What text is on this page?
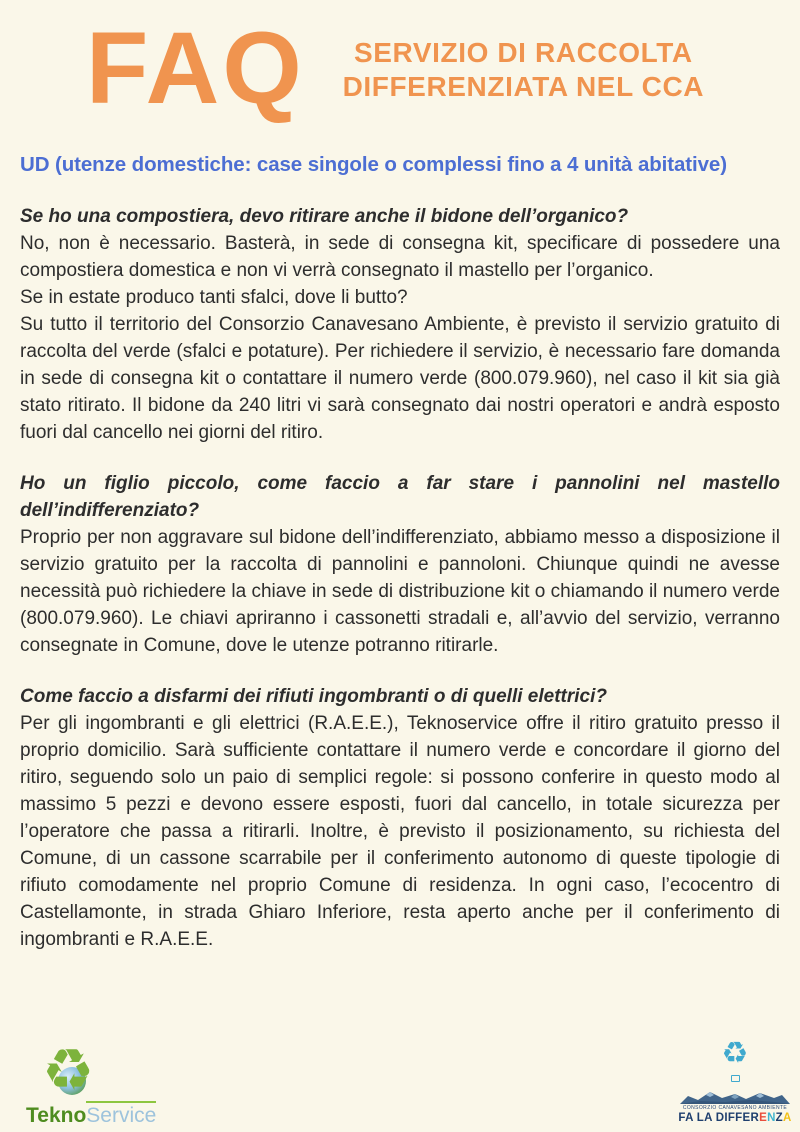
FAQ	SERVIZIO DI RACCOLTA
DIFFERENZIATA NEL CCA
UD (utenze domestiche: case singole o complessi fino a 4 unità abitative)

Se ho una compostiera, devo ritirare anche il bidone dell’organico?

No, non è necessario. Basterà, in sede di consegna kit, specificare di possedere una compostiera domestica e non vi verrà consegnato il mastello per l’organico.

Se in estate produco tanti sfalci, dove li butto?

Su tutto il territorio del Consorzio Canavesano Ambiente, è previsto il servizio gratuito di raccolta del verde (sfalci e potature). Per richiedere il servizio, è necessario fare domanda in sede di consegna kit o contattare il numero verde (800.079.960), nel caso il kit sia già stato ritirato. Il bidone da 240 litri vi sarà consegnato dai nostri operatori e andrà esposto fuori dal cancello nei giorni del ritiro.

Ho un figlio piccolo, come faccio a far stare i pannolini nel mastello dell’indifferenziato?

Proprio per non aggravare sul bidone dell’indifferenziato, abbiamo messo a disposizione il servizio gratuito per la raccolta di pannolini e pannoloni. Chiunque quindi ne avesse necessità può richiedere la chiave in sede di distribuzione kit o chiamando il numero verde (800.079.960). Le chiavi apriranno i cassonetti stradali e, all’avvio del servizio, verranno consegnate in Comune, dove le utenze potranno ritirarle.

Come faccio a disfarmi dei rifiuti ingombranti o di quelli elettrici?

Per gli ingombranti e gli elettrici (R.A.E.E.), Teknoservice offre il ritiro gratuito presso il proprio domicilio. Sarà sufficiente contattare il numero verde e concordare il giorno del ritiro, seguendo solo un paio di semplici regole: si possono conferire in questo modo al massimo 5 pezzi e devono essere esposti, fuori dal cancello, in totale sicurezza per l’operatore che passa a ritirarli. Inoltre, è previsto il posizionamento, su richiesta del Comune, di un cassone scarrabile per il conferimento autonomo di queste tipologie di rifiuto comodamente nel proprio Comune di residenza. In ogni caso, l’ecocentro di Castellamonte, in strada Ghiaro Inferiore, resta aperto anche per il conferimento di ingombranti e R.A.E.E.

♻
TeknoService
♻
CONSORZIO CANAVESANO AMBIENTE
FA LA DIFFERENZA
